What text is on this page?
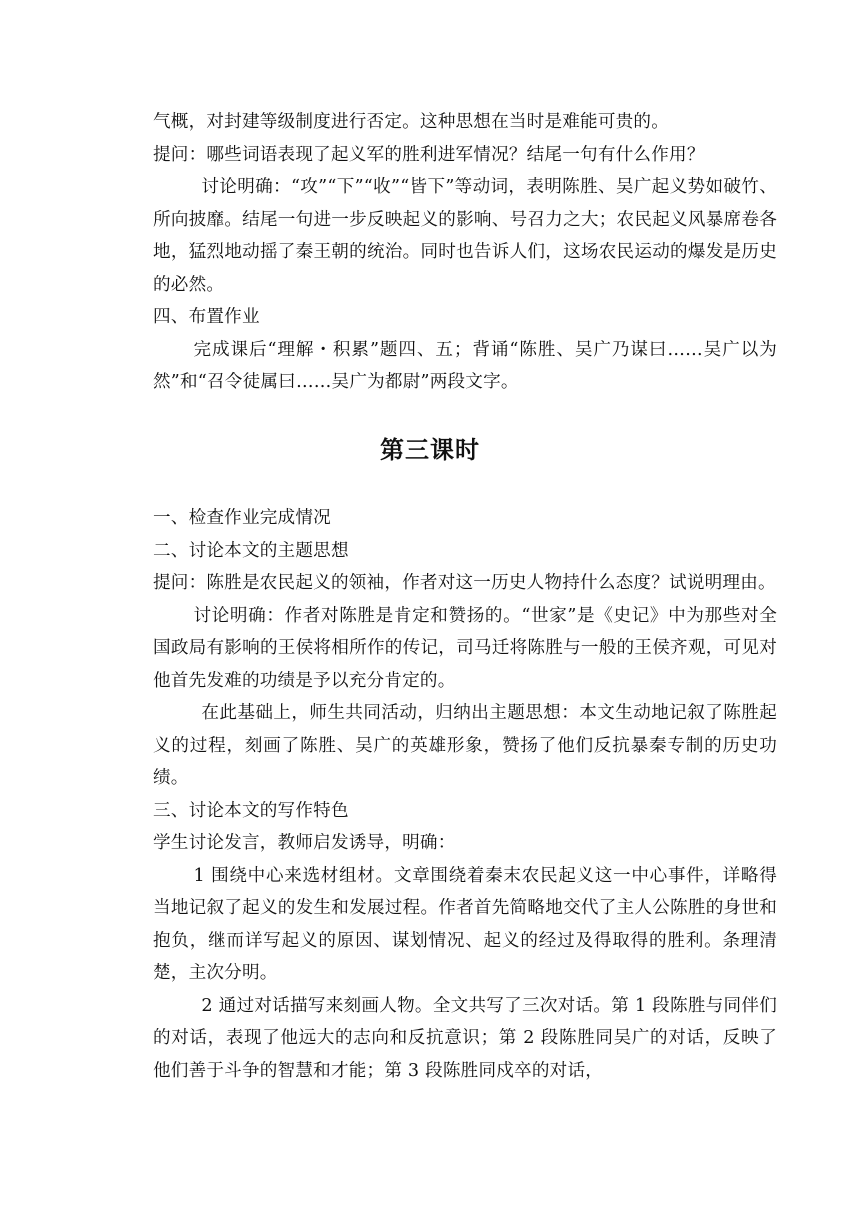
气概，对封建等级制度进行否定。这种思想在当时是难能可贵的。

提问：哪些词语表现了起义军的胜利进军情况？结尾一句有什么作用？

讨论明确：“攻”“下”“收”“皆下”等动词，表明陈胜、吴广起义势如破竹、所向披靡。结尾一句进一步反映起义的影响、号召力之大；农民起义风暴席卷各地，猛烈地动摇了秦王朝的统治。同时也告诉人们，这场农民运动的爆发是历史的必然。

四、布置作业

完成课后“理解・积累”题四、五；背诵“陈胜、吴广乃谋曰……吴广以为然”和“召令徒属曰……吴广为都尉”两段文字。

第三课时

一、检查作业完成情况

二、讨论本文的主题思想

提问：陈胜是农民起义的领袖，作者对这一历史人物持什么态度？试说明理由。

讨论明确：作者对陈胜是肯定和赞扬的。“世家”是《史记》中为那些对全国政局有影响的王侯将相所作的传记，司马迁将陈胜与一般的王侯齐观，可见对他首先发难的功绩是予以充分肯定的。

在此基础上，师生共同活动，归纳出主题思想：本文生动地记叙了陈胜起义的过程，刻画了陈胜、吴广的英雄形象，赞扬了他们反抗暴秦专制的历史功绩。

三、讨论本文的写作特色

学生讨论发言，教师启发诱导，明确：

1 围绕中心来选材组材。文章围绕着秦末农民起义这一中心事件，详略得当地记叙了起义的发生和发展过程。作者首先简略地交代了主人公陈胜的身世和抱负，继而详写起义的原因、谋划情况、起义的经过及得取得的胜利。条理清楚，主次分明。

2 通过对话描写来刻画人物。全文共写了三次对话。第 1 段陈胜与同伴们的对话，表现了他远大的志向和反抗意识；第 2 段陈胜同吴广的对话，反映了他们善于斗争的智慧和才能；第 3 段陈胜同戍卒的对话，
